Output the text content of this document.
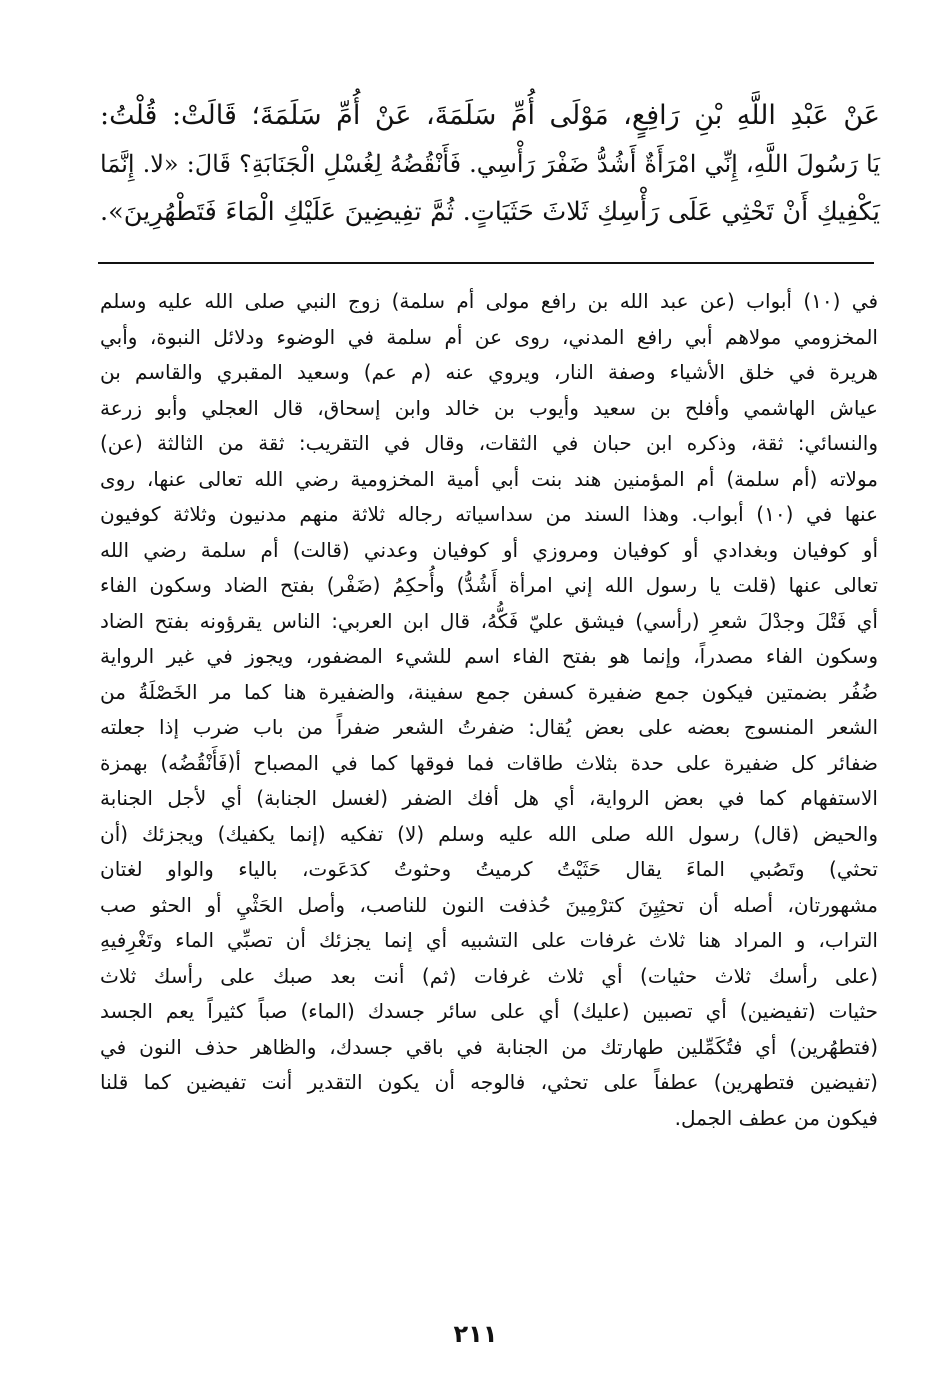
عَنْ عَبْدِ اللَّهِ بْنِ رَافِعٍ، مَوْلَى أُمِّ سَلَمَةَ، عَنْ أُمِّ سَلَمَةَ؛ قَالَتْ: قُلْتُ:
يَا رَسُولَ اللَّهِ، إِنِّي امْرَأَةٌ أَشُدُّ ضَفْرَ رَأْسِي. فَأَنْقُضُهُ لِغُسْلِ الْجَنَابَةِ؟ قَالَ: «لا. إِنَّمَا
يَكْفِيكِ أَنْ تَحْثِي عَلَى رَأْسِكِ ثَلاثَ حَثَيَاتٍ. ثُمَّ تفِيضِينَ عَلَيْكِ الْمَاءَ فَتَطْهُرِينَ».
في (١٠) أبواب (عن عبد الله بن رافع مولى أم سلمة) زوج النبي صلى الله عليه وسلم
المخزومي مولاهم أبي رافع المدني، روى عن أم سلمة في الوضوء ودلائل النبوة، وأبي
هريرة في خلق الأشياء وصفة النار، ويروي عنه (م عم) وسعيد المقبري والقاسم بن
عياش الهاشمي وأفلح بن سعيد وأيوب بن خالد وابن إسحاق، قال العجلي وأبو زرعة
والنسائي: ثقة، وذكره ابن حبان في الثقات، وقال في التقريب: ثقة من الثالثة (عن)
مولاته (أم سلمة) أم المؤمنين هند بنت أبي أمية المخزومية رضي الله تعالى عنها، روى
عنها في (١٠) أبواب. وهذا السند من سداسياته رجاله ثلاثة منهم مدنيون وثلاثة كوفيون
أو كوفيان وبغدادي أو كوفيان ومروزي أو كوفيان وعدني (قالت) أم سلمة رضي الله
تعالى عنها (قلت يا رسول الله إني امرأة أَشُدُّ) وأُحكِمُ (ضَفْر) بفتح الضاد وسكون الفاء
أي فَتْلَ وجدْلَ شعرِ (رأسي) فيشق عليّ فَكُّهُ، قال ابن العربي: الناس يقرؤونه بفتح الضاد
وسكون الفاء مصدراً، وإنما هو بفتح الفاء اسم للشيء المضفور، ويجوز في غير الرواية
ضُفُر بضمتين فيكون جمع ضفيرة كسفن جمع سفينة، والضفيرة هنا كما مر الخَصْلَةُ من
الشعر المنسوج بعضه على بعض يُقال: ضفرتُ الشعر ضفراً من باب ضرب إذا جعلته
ضفائر كل ضفيرة على حدة بثلاث طاقات فما فوقها كما في المصباح أ(فَأَنْقُضُه) بهمزة
الاستفهام كما في بعض الرواية، أي هل أفك الضفر (لغسل الجنابة) أي لأجل الجنابة
والحيض (قال) رسول الله صلى الله عليه وسلم (لا) تفكيه (إنما يكفيك) ويجزئك (أن
تحثي) وتَصُبي الماءَ يقال حَثَيْتُ كرميتُ وحثوتُ كدَعَوت، بالياء والواو لغتان
مشهورتان، أصله أن تحثِيِنَ كترْمِينَ حُذفت النون للناصب، وأصل الحَثْيِ أو الحثو صب
التراب، و المراد هنا ثلاث غرفات على التشبيه أي إنما يجزئك أن تصبِّي الماء وتَغْرِفيهِ
(على رأسك ثلاث حثيات) أي ثلاث غرفات (ثم) أنت بعد صبك على رأسك ثلاث
حثيات (تفيضين) أي تصبين (عليك) أي على سائر جسدك (الماء) صباً كثيراً يعم الجسد
(فتطهُرين) أي فتُكَمِّلين طهارتك من الجنابة في باقي جسدك، والظاهر حذف النون في
(تفيضين فتطهرين) عطفاً على تحثي، فالوجه أن يكون التقدير أنت تفيضين كما قلنا
فيكون من عطف الجمل.
٢١١
